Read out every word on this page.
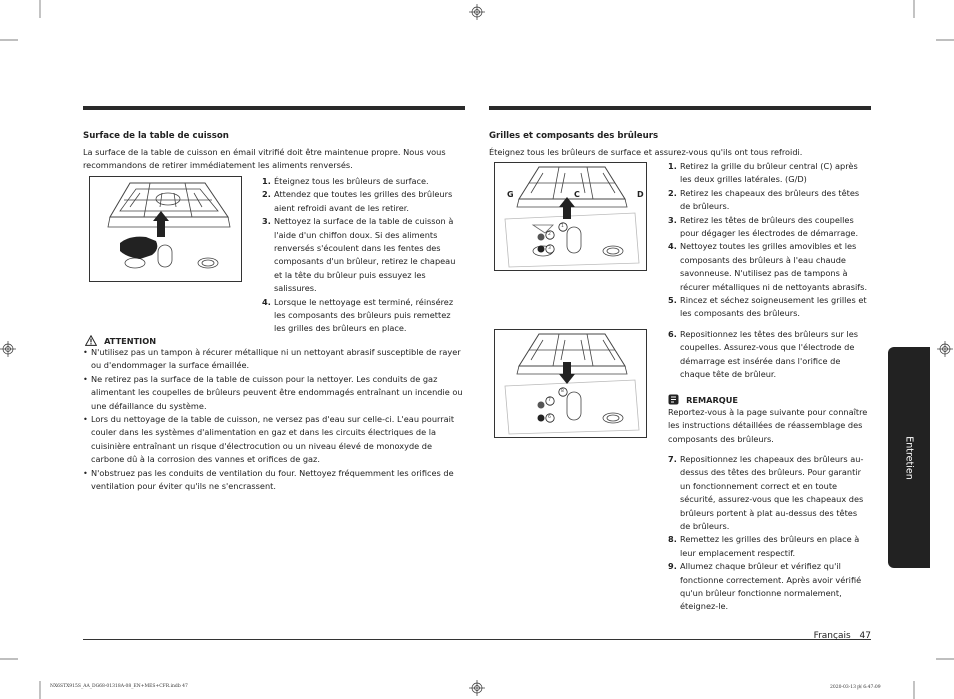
Surface de la table de cuisson
La surface de la table de cuisson en émail vitrifié doit être maintenue propre. Nous vous recommandons de retirer immédiatement les aliments renversés.
1. Éteignez tous les brûleurs de surface.
2. Attendez que toutes les grilles des brûleurs aient refroidi avant de les retirer.
3. Nettoyez la surface de la table de cuisson à l'aide d'un chiffon doux. Si des aliments renversés s'écoulent dans les fentes des composants d'un brûleur, retirez le chapeau et la tête du brûleur puis essuyez les salissures.
4. Lorsque le nettoyage est terminé, réinsérez les composants des brûleurs puis remettez les grilles des brûleurs en place.
ATTENTION
• N'utilisez pas un tampon à récurer métallique ni un nettoyant abrasif susceptible de rayer ou d'endommager la surface émaillée.
• Ne retirez pas la surface de la table de cuisson pour la nettoyer. Les conduits de gaz alimentant les coupelles de brûleurs peuvent être endommagés entraînant un incendie ou une défaillance du système.
• Lors du nettoyage de la table de cuisson, ne versez pas d'eau sur celle-ci. L'eau pourrait couler dans les systèmes d'alimentation en gaz et dans les circuits électriques de la cuisinière entraînant un risque d'électrocution ou un niveau élevé de monoxyde de carbone dû à la corrosion des vannes et orifices de gaz.
• N'obstruez pas les conduits de ventilation du four. Nettoyez fréquemment les orifices de ventilation pour éviter qu'ils ne s'encrassent.
Grilles et composants des brûleurs
Éteignez tous les brûleurs de surface et assurez-vous qu'ils ont tous refroidi.
G	C	D
2
1
3
1. Retirez la grille du brûleur central (C) après les deux grilles latérales. (G/D)
2. Retirez les chapeaux des brûleurs des têtes de brûleurs.
3. Retirez les têtes de brûleurs des coupelles pour dégager les électrodes de démarrage.
4. Nettoyez toutes les grilles amovibles et les composants des brûleurs à l'eau chaude savonneuse. N'utilisez pas de tampons à récurer métalliques ni de nettoyants abrasifs.
5. Rincez et séchez soigneusement les grilles et les composants des brûleurs.
7
8
6
6. Repositionnez les têtes des brûleurs sur les coupelles. Assurez-vous que l'électrode de démarrage est insérée dans l'orifice de chaque tête de brûleur.
REMARQUE
Reportez-vous à la page suivante pour connaître les instructions détaillées de réassemblage des composants des brûleurs.
7. Repositionnez les chapeaux des brûleurs au-dessus des têtes des brûleurs. Pour garantir un fonctionnement correct et en toute sécurité, assurez-vous que les chapeaux des brûleurs portent à plat au-dessus des têtes de brûleurs.
8. Remettez les grilles des brûleurs en place à leur emplacement respectif.
9. Allumez chaque brûleur et vérifiez qu'il fonctionne correctement. Après avoir vérifié qu'un brûleur fonctionne normalement, éteignez-le.
Entretien
Français 47
NX6STX915S_AA_DG68-01318A-08_EN+MES+CFR.indb 47	2020-03-13 ㎺ 6:47:09
